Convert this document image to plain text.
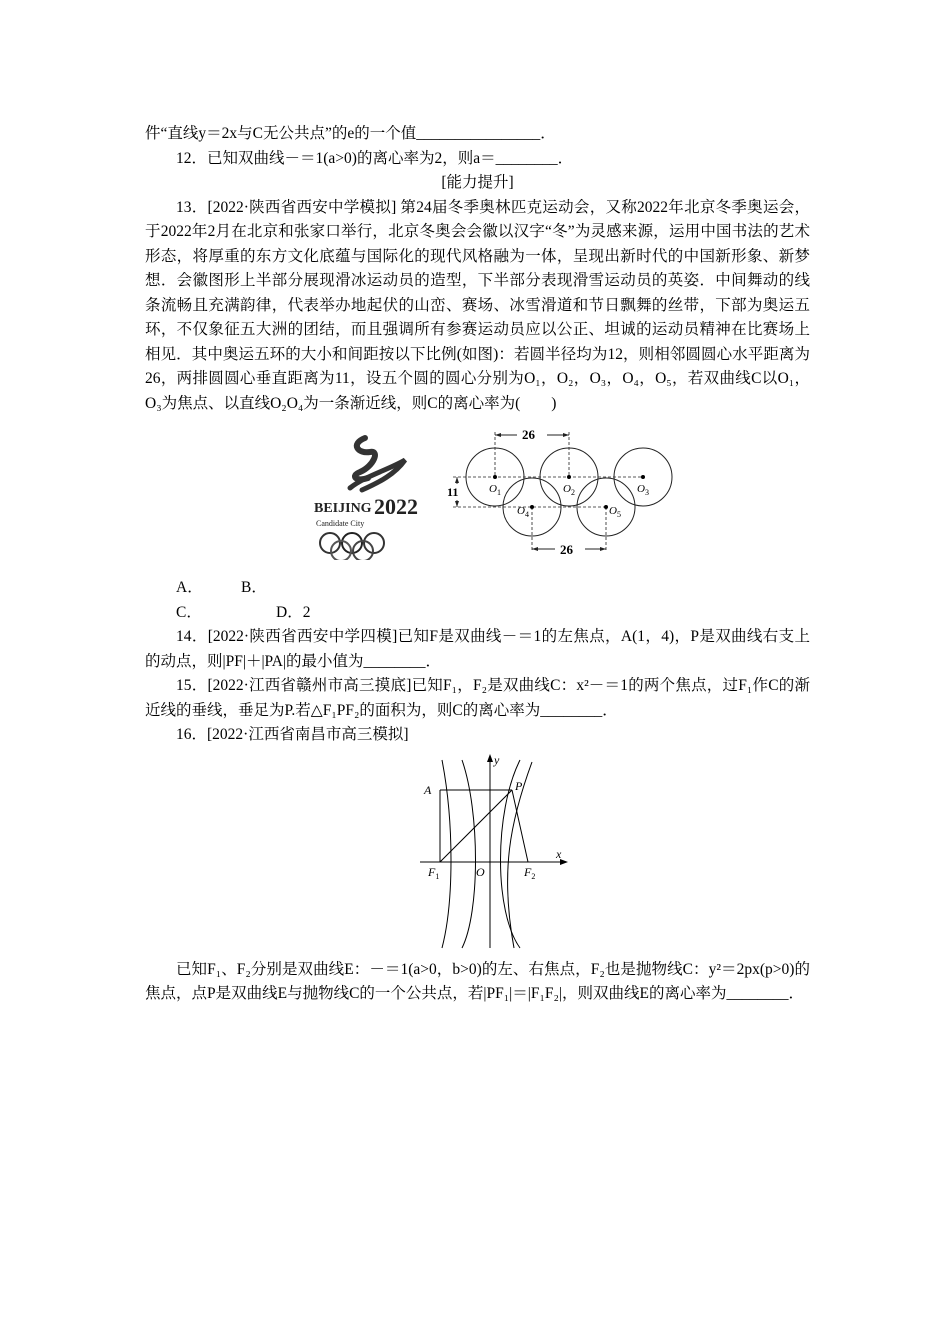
件“直线y＝2x与C无公共点”的e的一个值________________．

12．已知双曲线－＝1(a>0)的离心率为2，则a＝________．

[能力提升]

13．[2022·陕西省西安中学模拟] 第24届冬季奥林匹克运动会，又称2022年北京冬季奥运会，于2022年2月在北京和张家口举行，北京冬奥会会徽以汉字“冬”为灵感来源，运用中国书法的艺术形态，将厚重的东方文化底蕴与国际化的现代风格融为一体，呈现出新时代的中国新形象、新梦想．会徽图形上半部分展现滑冰运动员的造型，下半部分表现滑雪运动员的英姿．中间舞动的线条流畅且充满韵律，代表举办地起伏的山峦、赛场、冰雪滑道和节日飘舞的丝带，下部为奥运五环，不仅象征五大洲的团结，而且强调所有参赛运动员应以公正、坦诚的运动员精神在比赛场上相见．其中奥运五环的大小和间距按以下比例(如图)：若圆半径均为12，则相邻圆圆心水平距离为26，两排圆圆心垂直距离为11，设五个圆的圆心分别为O₁，O₂，O₃，O₄，O₅，若双曲线C以O₁，O₃为焦点、以直线O₂O₄为一条渐近线，则C的离心率为(　　)

BEIJING 2022
Candidate City
26
26
11	$O_1$	$O_2$	$O_3$
$O_4$	$O_5$

A． B．

C．	D．2

14．[2022·陕西省西安中学四模]已知F是双曲线－＝1的左焦点，A(1，4)，P是双曲线右支上的动点，则|PF|＋|PA|的最小值为________．

15．[2022·江西省赣州市高三摸底]已知F₁，F₂是双曲线C：x²－＝1的两个焦点，过F₁作C的渐近线的垂线，垂足为P.若△F₁PF₂的面积为，则C的离心率为________．

16．[2022·江西省南昌市高三模拟]

y
x
A	P
$F_1$	O	$F_2$

已知F₁、F₂分别是双曲线E：－＝1(a>0，b>0)的左、右焦点，F₂也是抛物线C：y²＝2px(p>0)的焦点，点P是双曲线E与抛物线C的一个公共点，若|PF₁|＝|F₁F₂|，则双曲线E的离心率为________．
